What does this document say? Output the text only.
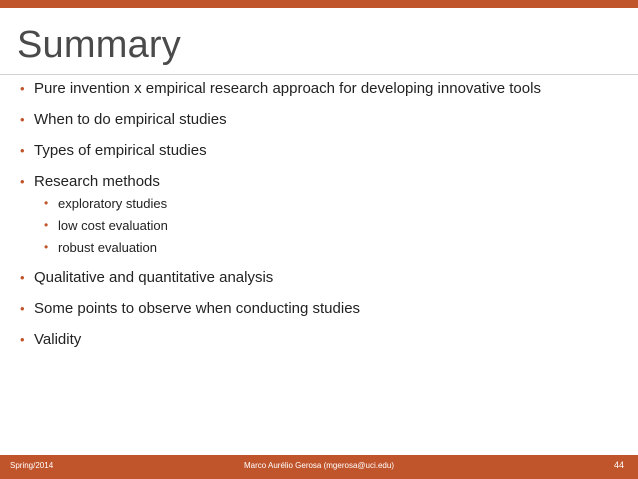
Summary
• Pure invention x empirical research approach for developing innovative tools
• When to do empirical studies
• Types of empirical studies
• Research methods
• exploratory studies
• low cost evaluation
• robust evaluation
• Qualitative and quantitative analysis
• Some points to observe when conducting studies
• Validity
Spring/2014	Marco Aurélio Gerosa (mgerosa@uci.edu)	44
